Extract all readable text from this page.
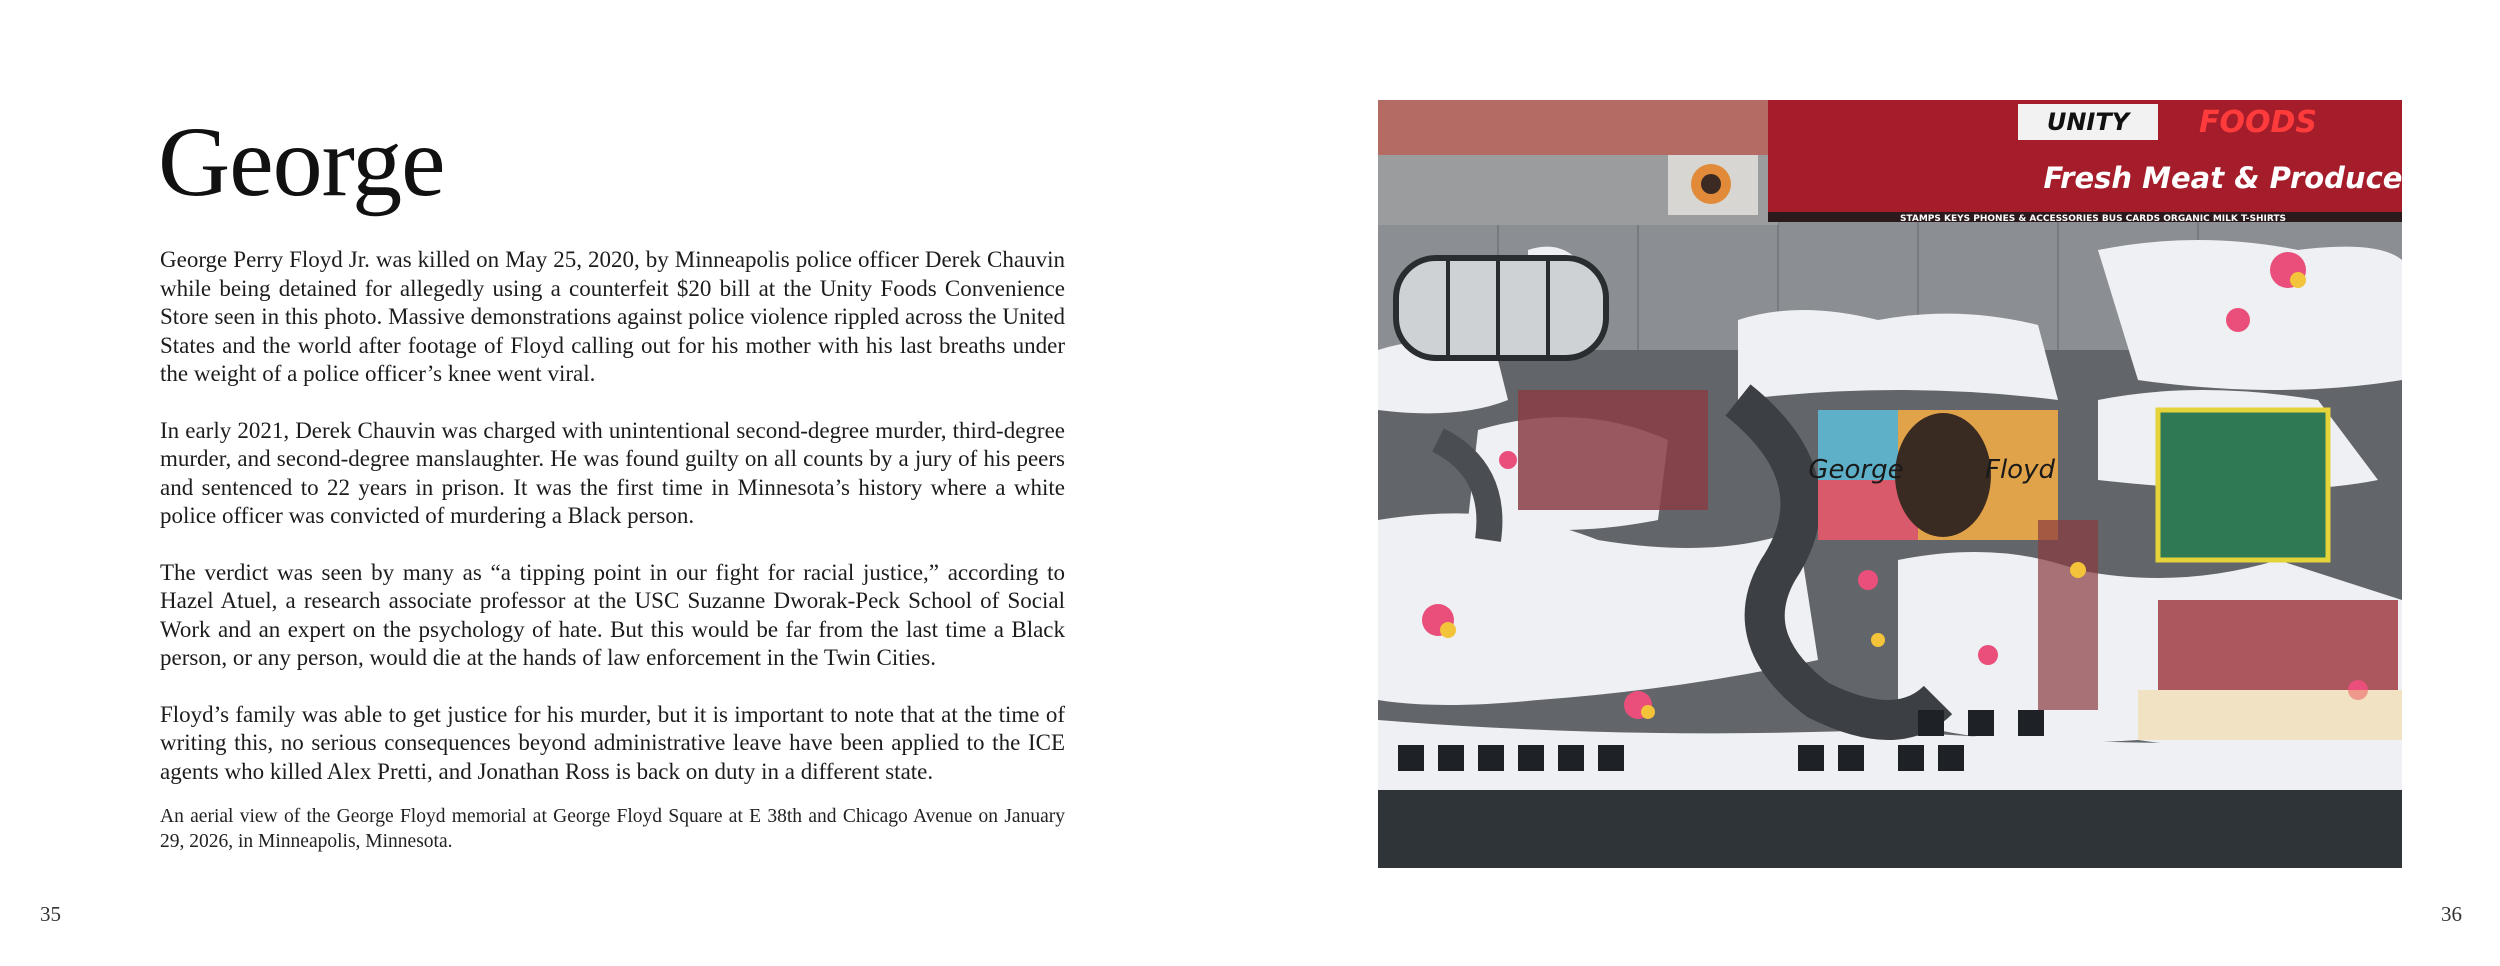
George

George Perry Floyd Jr. was killed on May 25, 2020, by Minneapolis police officer Derek Chauvin while being detained for allegedly using a counterfeit $20 bill at the Unity Foods Convenience Store seen in this photo. Massive demonstrations against police violence rippled across the United States and the world after footage of Floyd calling out for his mother with his last breaths under the weight of a police officer’s knee went viral.

In early 2021, Derek Chauvin was charged with unintentional second-degree murder, third-degree murder, and second-degree manslaughter. He was found guilty on all counts by a jury of his peers and sentenced to 22 years in prison. It was the first time in Minnesota’s history where a white police officer was convicted of murdering a Black person.

The verdict was seen by many as “a tipping point in our fight for racial justice,” according to Hazel Atuel, a research associate professor at the USC Suzanne Dworak-Peck School of Social Work and an expert on the psychology of hate. But this would be far from the last time a Black person, or any person, would die at the hands of law enforcement in the Twin Cities.

Floyd’s family was able to get justice for his murder, but it is important to note that at the time of writing this, no serious consequences beyond administrative leave have been applied to the ICE agents who killed Alex Pretti, and Jonathan Ross is back on duty in a different state.

An aerial view of the George Floyd memorial at George Floyd Square at E 38th and Chicago Avenue on January 29, 2026, in Minneapolis, Minnesota.

35	36
UNITY FOODS
Fresh Meat & Produce
STAMPS KEYS PHONES & ACCESSORIES BUS CARDS ORGANIC MILK T-SHIRTS
George	Floyd
